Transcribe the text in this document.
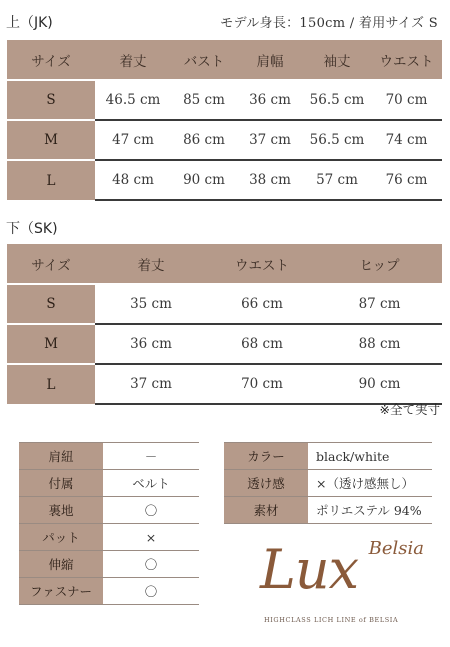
上（JK)	モデル身長：150cm / 着用サイズ S
サイズ	着丈	バスト	肩幅	袖丈	ウエスト
S	46.5 cm	85 cm	36 cm	56.5 cm	70 cm
M	47 cm	86 cm	37 cm	56.5 cm	74 cm
L	48 cm	90 cm	38 cm	57 cm	76 cm
下（SK)
サイズ	着丈	ウエスト	ヒップ
S	35 cm	66 cm	87 cm
M	36 cm	68 cm	88 cm
L	37 cm	70 cm	90 cm
※全て実寸
肩紐	－
付属	ベルト
裏地	〇
パット	×
伸縮	〇
ファスナー	〇
カラー	black/white
透け感	×（透け感無し）
素材	ポリエステル 94%
Lux Belsia
HIGHCLASS LICH LINE of BELSIA
